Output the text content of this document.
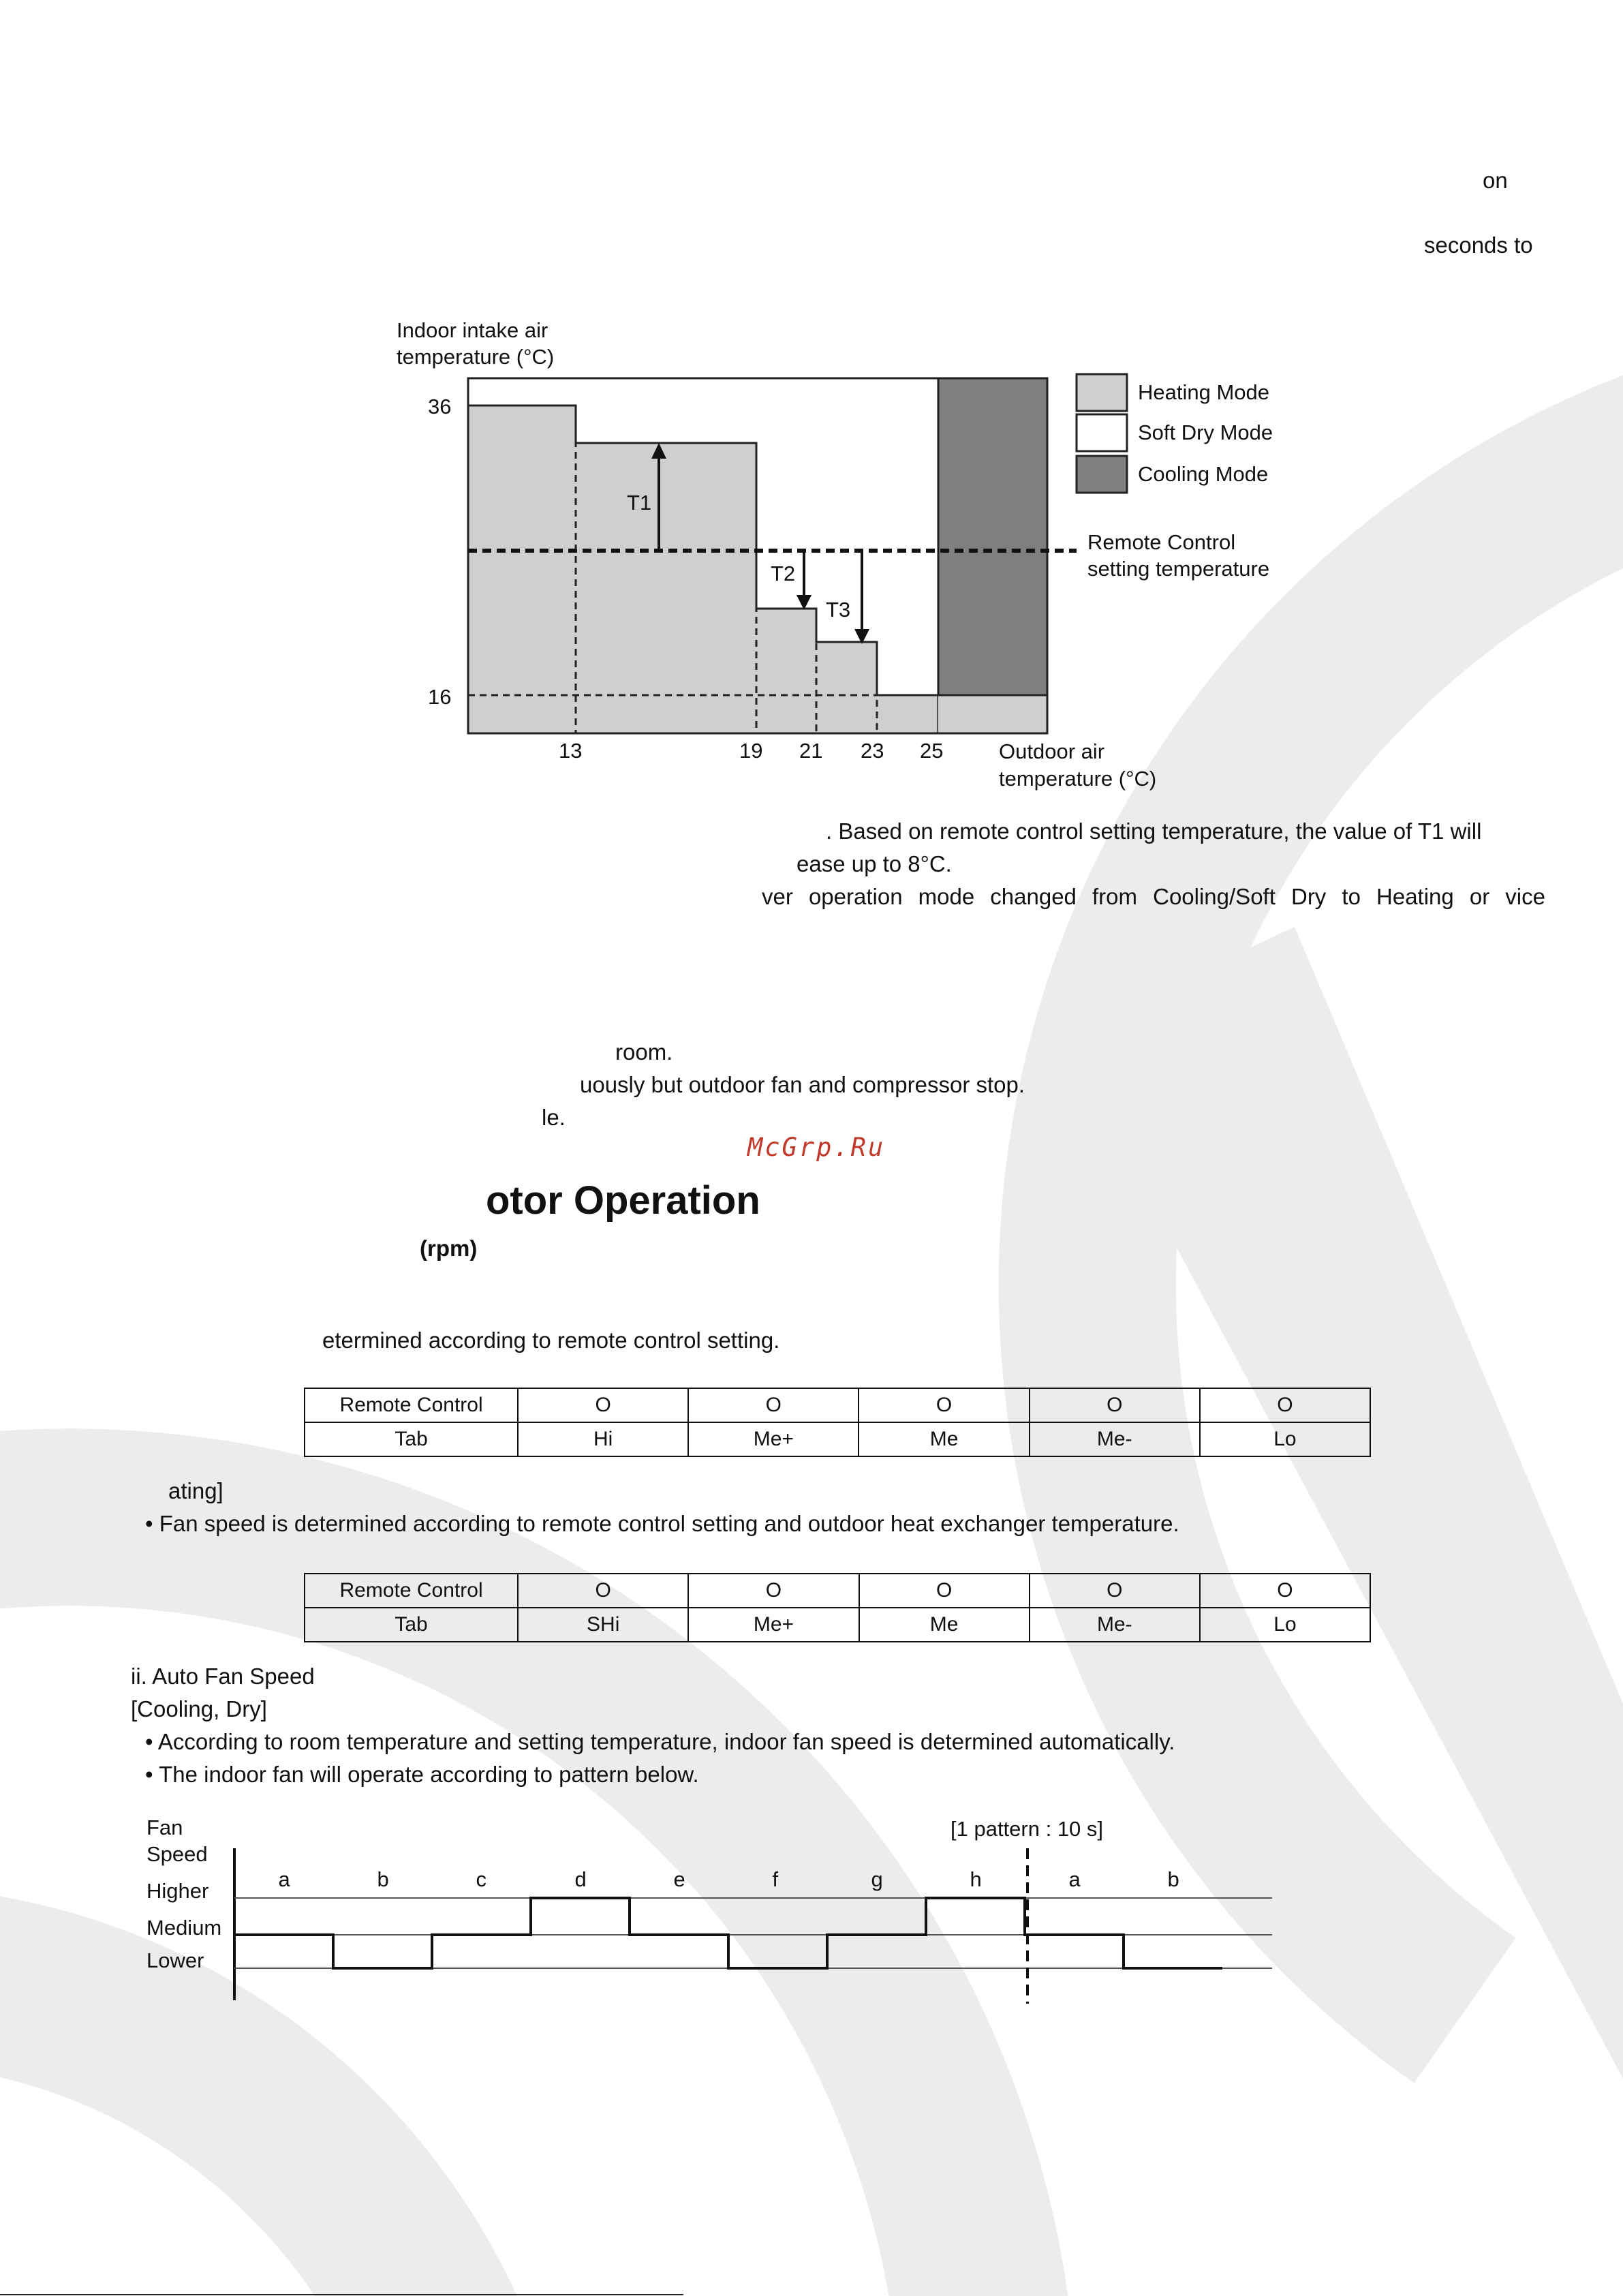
on
seconds to
Indoor intake air
temperature (°C)
T1
T2
T3
36
16
13	19 21 23 25	Outdoor air
temperature (°C)
Heating Mode
Soft Dry Mode
Cooling Mode
Remote Control
setting temperature
. Based on remote control setting temperature, the value of T1 will
ease up to 8°C.
ver operation mode changed from Cooling/Soft Dry to Heating or vice
room.
uously but outdoor fan and compressor stop.
le.
McGrp.Ru
otor Operation
(rpm)
etermined according to remote control setting.
Remote Control	O	O	O	O	O
Tab	Hi	Me+	Me	Me-	Lo
ating]
• Fan speed is determined according to remote control setting and outdoor heat exchanger temperature.
Remote Control	O	O	O	O	O
Tab	SHi	Me+	Me	Me-	Lo
ii. Auto Fan Speed
[Cooling, Dry]
• According to room temperature and setting temperature, indoor fan speed is determined automatically.
• The indoor fan will operate according to pattern below.
Fan
Speed
Higher
Medium
Lower
[1 pattern : 10 s]
a	b	c	d	e	f	g	h	a	b
